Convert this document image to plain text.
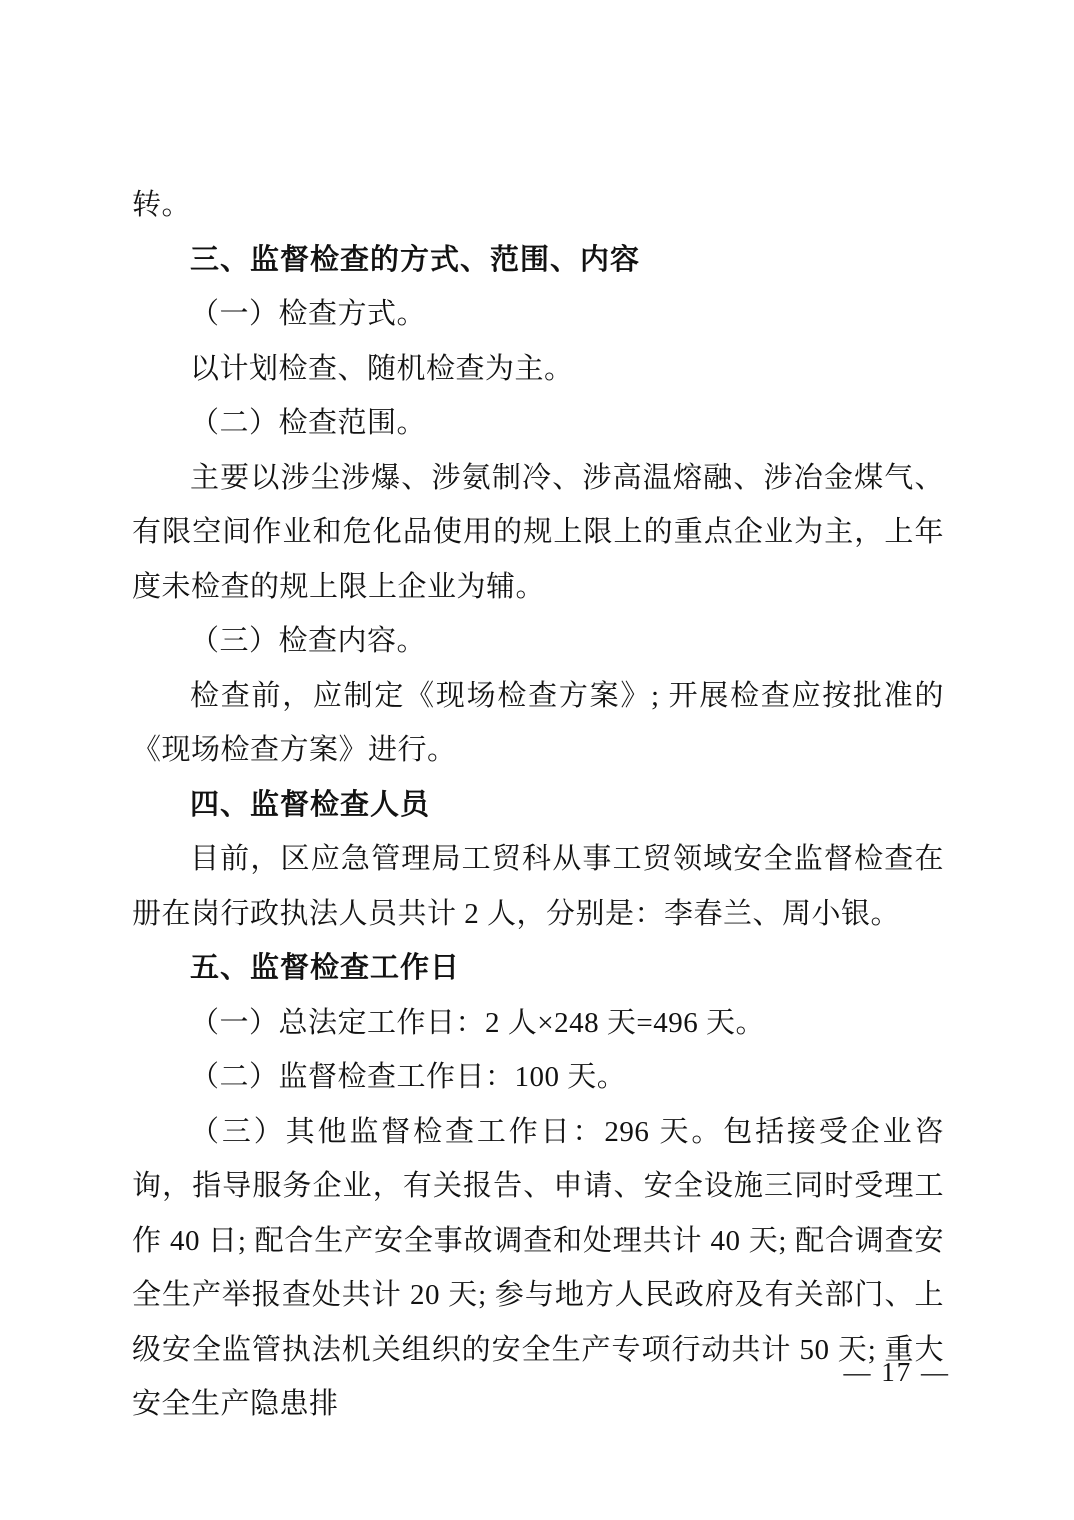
转。

三、监督检查的方式、范围、内容

（一）检查方式。

以计划检查、随机检查为主。

（二）检查范围。

主要以涉尘涉爆、涉氨制冷、涉高温熔融、涉冶金煤气、有限空间作业和危化品使用的规上限上的重点企业为主，上年度未检查的规上限上企业为辅。

（三）检查内容。

检查前，应制定《现场检查方案》; 开展检查应按批准的《现场检查方案》进行。

四、监督检查人员

目前，区应急管理局工贸科从事工贸领域安全监督检查在册在岗行政执法人员共计 2 人，分别是：李春兰、周小银。

五、监督检查工作日

（一）总法定工作日：2 人×248 天=496 天。

（二）监督检查工作日：100 天。

（三）其他监督检查工作日：296 天。包括接受企业咨询，指导服务企业，有关报告、申请、安全设施三同时受理工作 40 日; 配合生产安全事故调查和处理共计 40 天; 配合调查安全生产举报查处共计 20 天; 参与地方人民政府及有关部门、上级安全监管执法机关组织的安全生产专项行动共计 50 天; 重大安全生产隐患排

— 17 —
